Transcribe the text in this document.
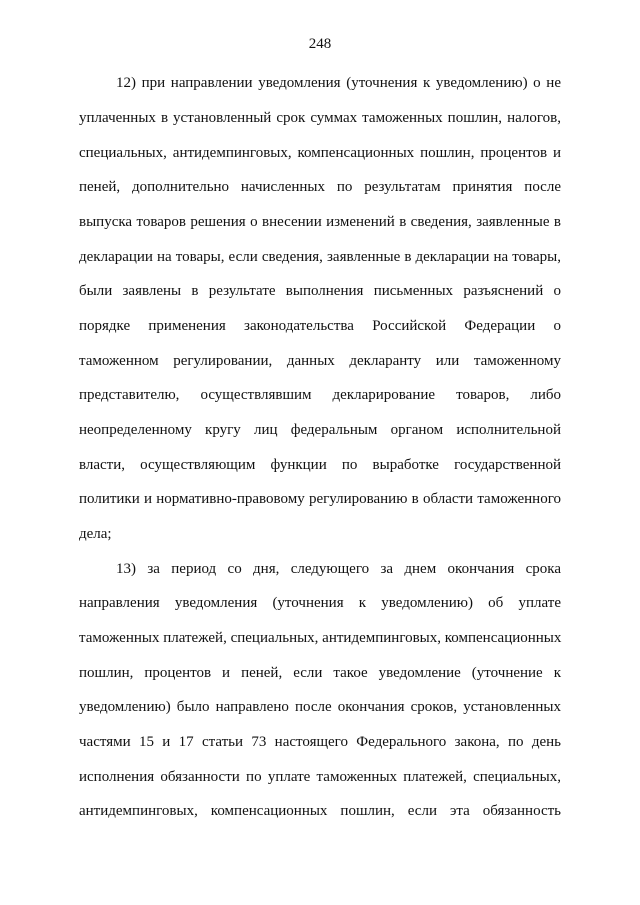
248
12) при направлении уведомления (уточнения к уведомлению) о не
уплаченных в установленный срок суммах таможенных пошлин, налогов,
специальных, антидемпинговых, компенсационных пошлин, процентов и
пеней, дополнительно начисленных по результатам принятия после
выпуска товаров решения о внесении изменений в сведения, заявленные в
декларации на товары, если сведения, заявленные в декларации на товары,
были заявлены в результате выполнения письменных разъяснений о
порядке применения законодательства Российской Федерации о
таможенном регулировании, данных декларанту или таможенному
представителю, осуществлявшим декларирование товаров, либо
неопределенному кругу лиц федеральным органом исполнительной
власти, осуществляющим функции по выработке государственной
политики и нормативно-правовому регулированию в области таможенного
дела;
13) за период со дня, следующего за днем окончания срока
направления уведомления (уточнения к уведомлению) об уплате
таможенных платежей, специальных, антидемпинговых, компенсационных
пошлин, процентов и пеней, если такое уведомление (уточнение к
уведомлению) было направлено после окончания сроков, установленных
частями 15 и 17 статьи 73 настоящего Федерального закона, по день
исполнения обязанности по уплате таможенных платежей, специальных,
антидемпинговых, компенсационных пошлин, если эта обязанность
